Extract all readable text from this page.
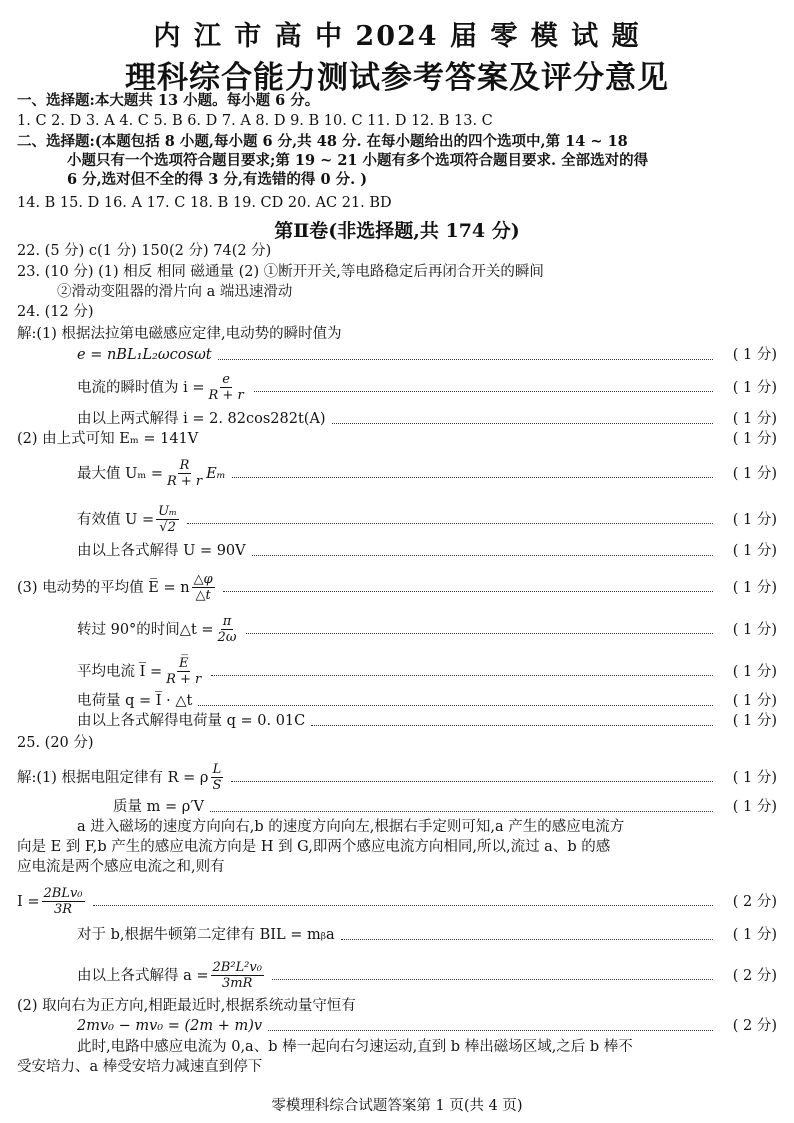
内 江 市 高 中 2024 届 零 模 试 题
理科综合能力测试参考答案及评分意见
一、选择题:本大题共 13 小题。每小题 6 分。
1. C 2. D 3. A 4. C 5. B 6. D 7. A 8. D 9. B 10. C 11. D 12. B 13. C
二、选择题:(本题包括 8 小题,每小题 6 分,共 48 分. 在每小题给出的四个选项中,第 14 ~ 18
小题只有一个选项符合题目要求;第 19 ~ 21 小题有多个选项符合题目要求. 全部选对的得
6 分,选对但不全的得 3 分,有选错的得 0 分. )
14. B 15. D 16. A 17. C 18. B 19. CD 20. AC 21. BD
第Ⅱ卷(非选择题,共 174 分)
22. (5 分) c(1 分) 150(2 分) 74(2 分)
23. (10 分) (1) 相反 相同 磁通量 (2) ①断开开关,等电路稳定后再闭合开关的瞬间
②滑动变阻器的滑片向 a 端迅速滑动
24. (12 分)
解:(1) 根据法拉第电磁感应定律,电动势的瞬时值为
e = nBL₁L₂ωcosωt	( 1 分)
电流的瞬时值为 $i = \frac{e}{R + r}$	( 1 分)
由以上两式解得 i = 2. 82cos282t(A)	( 1 分)
(2) 由上式可知 Eₘ = 141V	( 1 分)
最大值 $U_m = \frac{R}{R + r}$ Eₘ	( 1 分)
有效值 $U = \frac{\text{Uₘ}}{√2}$	( 1 分)
由以上各式解得 U = 90V	( 1 分)
(3) 电动势的平均值 E̅ = n $\frac{\triangle\varphi}{\triangle t}$	( 1 分)
转过 90°的时间△t = $\frac{\pi}{2\omega}$	( 1 分)
平均电流 I̅ = $\frac{E̅}{R + r}$	( 1 分)
电荷量 q = I̅ · △t	( 1 分)
由以上各式解得电荷量 q = 0. 01C	( 1 分)
25. (20 分)
解:(1) 根据电阻定律有 R = ρ $\frac{L}{S}$	( 1 分)
质量 m = ρ′V	( 1 分)
a 进入磁场的速度方向向右,b 的速度方向向左,根据右手定则可知,a 产生的感应电流方
向是 E 到 F,b 产生的感应电流方向是 H 到 G,即两个感应电流方向相同,所以,流过 a、b 的感
应电流是两个感应电流之和,则有
$I = \frac{\text{2BLv₀}}{3R}$	( 2 分)
对于 b,根据牛顿第二定律有 BIL = mᵦa	( 1 分)
由以上各式解得 $a = \frac{\text{2B²L²v₀}}{3mR}$	( 2 分)
(2) 取向右为正方向,相距最近时,根据系统动量守恒有
2mv₀ − mv₀ = (2m + m)v	( 2 分)
此时,电路中感应电流为 0,a、b 棒一起向右匀速运动,直到 b 棒出磁场区域,之后 b 棒不
受安培力、a 棒受安培力减速直到停下
零模理科综合试题答案第 1 页(共 4 页)
